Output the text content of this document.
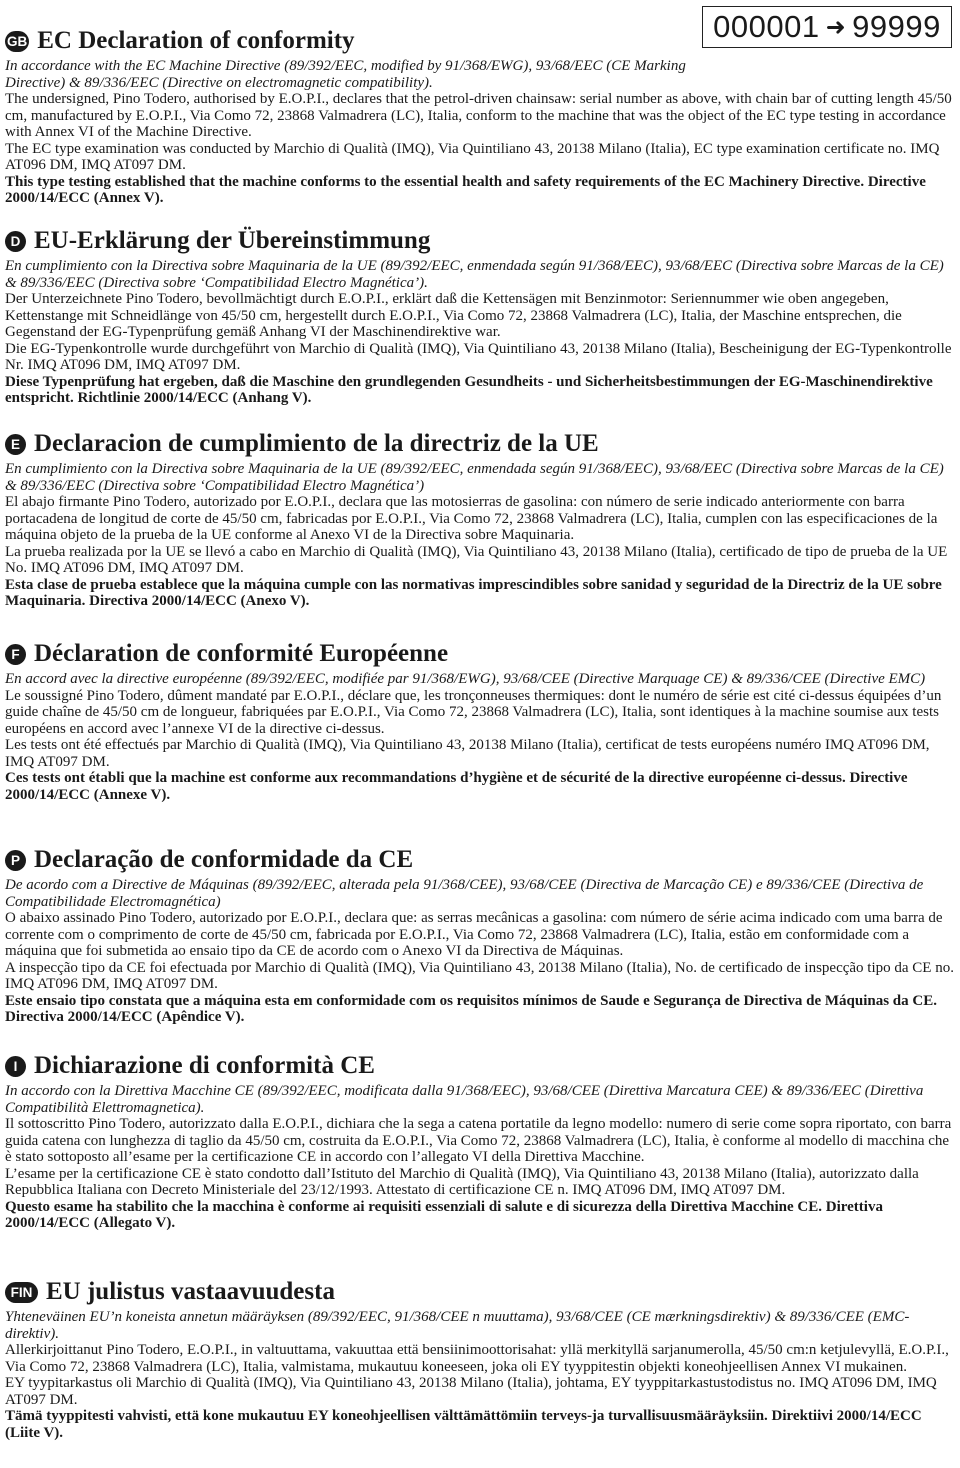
000001 ➜ 99999
GB EC Declaration of conformity

In accordance with the EC Machine Directive (89/392/EEC, modified by 91/368/EWG), 93/68/EEC (CE Marking Directive) & 89/336/EEC (Directive on electromagnetic compatibility).

The undersigned, Pino Todero, authorised by E.O.P.I., declares that the petrol-driven chainsaw: serial number as above, with chain bar of cutting length 45/50 cm, manufactured by E.O.P.I., Via Como 72, 23868 Valmadrera (LC), Italia, conform to the machine that was the object of the EC type testing in accordance with Annex VI of the Machine Directive.

The EC type examination was conducted by Marchio di Qualità (IMQ), Via Quintiliano 43, 20138 Milano (Italia), EC type examination certificate no. IMQ AT096 DM, IMQ AT097 DM.

This type testing established that the machine conforms to the essential health and safety requirements of the EC Machinery Directive. Directive 2000/14/ECC (Annex V).

D EU-Erklärung der Übereinstimmung

En cumplimiento con la Directiva sobre Maquinaria de la UE (89/392/EEC, enmendada según 91/368/EEC), 93/68/EEC (Directiva sobre Marcas de la CE) & 89/336/EEC (Directiva sobre ‘Compatibilidad Electro Magnética’).

Der Unterzeichnete Pino Todero, bevollmächtigt durch E.O.P.I., erklärt daß die Kettensägen mit Benzinmotor: Seriennummer wie oben angegeben, Kettenstange mit Schneidlänge von 45/50 cm, hergestellt durch E.O.P.I., Via Como 72, 23868 Valmadrera (LC), Italia, der Maschine entsprechen, die Gegenstand der EG-Typenprüfung gemäß Anhang VI der Maschinendirektive war.

Die EG-Typenkontrolle wurde durchgeführt von Marchio di Qualità (IMQ), Via Quintiliano 43, 20138 Milano (Italia), Bescheinigung der EG-Typenkontrolle Nr. IMQ AT096 DM, IMQ AT097 DM.

Diese Typenprüfung hat ergeben, daß die Maschine den grundlegenden Gesundheits - und Sicherheitsbestimmungen der EG-Maschinendirektive entspricht. Richtlinie 2000/14/ECC (Anhang V).

E Declaracion de cumplimiento de la directriz de la UE

En cumplimiento con la Directiva sobre Maquinaria de la UE (89/392/EEC, enmendada según 91/368/EEC), 93/68/EEC (Directiva sobre Marcas de la CE) & 89/336/EEC (Directiva sobre ‘Compatibilidad Electro Magnética’)

El abajo firmante Pino Todero, autorizado por E.O.P.I., declara que las motosierras de gasolina: con número de serie indicado anteriormente con barra portacadena de longitud de corte de 45/50 cm, fabricadas por E.O.P.I., Via Como 72, 23868 Valmadrera (LC), Italia, cumplen con las especificaciones de la máquina objeto de la prueba de la UE conforme al Anexo VI de la Directiva sobre Maquinaria.

La prueba realizada por la UE se llevó a cabo en Marchio di Qualità (IMQ), Via Quintiliano 43, 20138 Milano (Italia), certificado de tipo de prueba de la UE No. IMQ AT096 DM, IMQ AT097 DM.

Esta clase de prueba establece que la máquina cumple con las normativas imprescindibles sobre sanidad y seguridad de la Directriz de la UE sobre Maquinaria. Directiva 2000/14/ECC (Anexo V).

F Déclaration de conformité Européenne

En accord avec la directive européenne (89/392/EEC, modifiée par 91/368/EWG), 93/68/CEE (Directive Marquage CE) & 89/336/CEE (Directive EMC)

Le soussigné Pino Todero, dûment mandaté par E.O.P.I., déclare que, les tronçonneuses thermiques: dont le numéro de série est cité ci-dessus équipées d’un guide chaîne de 45/50 cm de longueur, fabriquées par E.O.P.I., Via Como 72, 23868 Valmadrera (LC), Italia, sont identiques à la machine soumise aux tests européens en accord avec l’annexe VI de la directive ci-dessus.

Les tests ont été effectués par Marchio di Qualità (IMQ), Via Quintiliano 43, 20138 Milano (Italia), certificat de tests européens numéro IMQ AT096 DM, IMQ AT097 DM.

Ces tests ont établi que la machine est conforme aux recommandations d’hygiène et de sécurité de la directive européenne ci-dessus. Directive 2000/14/ECC (Annexe V).

P Declaração de conformidade da CE

De acordo com a Directive de Máquinas (89/392/EEC, alterada pela 91/368/CEE), 93/68/CEE (Directiva de Marcação CE) e 89/336/CEE (Directiva de Compatibilidade Electromagnética)

O abaixo assinado Pino Todero, autorizado por E.O.P.I., declara que: as serras mecânicas a gasolina: com número de série acima indicado com uma barra de corrente com o comprimento de corte de 45/50 cm, fabricada por E.O.P.I., Via Como 72, 23868 Valmadrera (LC), Italia, estão em conformidade com a máquina que foi submetida ao ensaio tipo da CE de acordo com o Anexo VI da Directiva de Máquinas.

A inspecção tipo da CE foi efectuada por Marchio di Qualità (IMQ), Via Quintiliano 43, 20138 Milano (Italia), No. de certificado de inspecção tipo da CE no. IMQ AT096 DM, IMQ AT097 DM.

Este ensaio tipo constata que a máquina esta em conformidade com os requisitos mínimos de Saude e Segurança de Directiva de Máquinas da CE. Directiva 2000/14/ECC (Apêndice V).

I Dichiarazione di conformità CE

In accordo con la Direttiva Macchine CE (89/392/EEC, modificata dalla 91/368/EEC), 93/68/CEE (Direttiva Marcatura CEE) & 89/336/EEC (Direttiva Compatibilità Elettromagnetica).

Il sottoscritto Pino Todero, autorizzato dalla E.O.P.I., dichiara che la sega a catena portatile da legno modello: numero di serie come sopra riportato, con barra guida catena con lunghezza di taglio da 45/50 cm, costruita da E.O.P.I., Via Como 72, 23868 Valmadrera (LC), Italia, è conforme al modello di macchina che è stato sottoposto all’esame per la certificazione CE in accordo con l’allegato VI della Direttiva Macchine.

L’esame per la certificazione CE è stato condotto dall’Istituto del Marchio di Qualità (IMQ), Via Quintiliano 43, 20138 Milano (Italia), autorizzato dalla Repubblica Italiana con Decreto Ministeriale del 23/12/1993. Attestato di certificazione CE n. IMQ AT096 DM, IMQ AT097 DM.

Questo esame ha stabilito che la macchina è conforme ai requisiti essenziali di salute e di sicurezza della Direttiva Macchine CE. Direttiva 2000/14/ECC (Allegato V).

FIN EU julistus vastaavuudesta

Yhteneväinen EU’n koneista annetun määräyksen (89/392/EEC, 91/368/CEE n muuttama), 93/68/CEE (CE mærkningsdirektiv) & 89/336/CEE (EMC-direktiv).

Allerkirjoittanut Pino Todero, E.O.P.I., in valtuuttama, vakuuttaa että bensiinimoottorisahat: yllä merkityllä sarjanumerolla, 45/50 cm:n ketjulevyllä, E.O.P.I., Via Como 72, 23868 Valmadrera (LC), Italia, valmistama, mukautuu koneeseen, joka oli EY tyyppitestin objekti koneohjeellisen Annex VI mukainen.

EY tyypitarkastus oli Marchio di Qualità (IMQ), Via Quintiliano 43, 20138 Milano (Italia), johtama, EY tyyppitarkastustodistus no. IMQ AT096 DM, IMQ AT097 DM.

Tämä tyyppitesti vahvisti, että kone mukautuu EY koneohjeellisen välttämättömiin terveys-ja turvallisuusmääräyksiin. Direktiivi 2000/14/ECC (Liite V).
